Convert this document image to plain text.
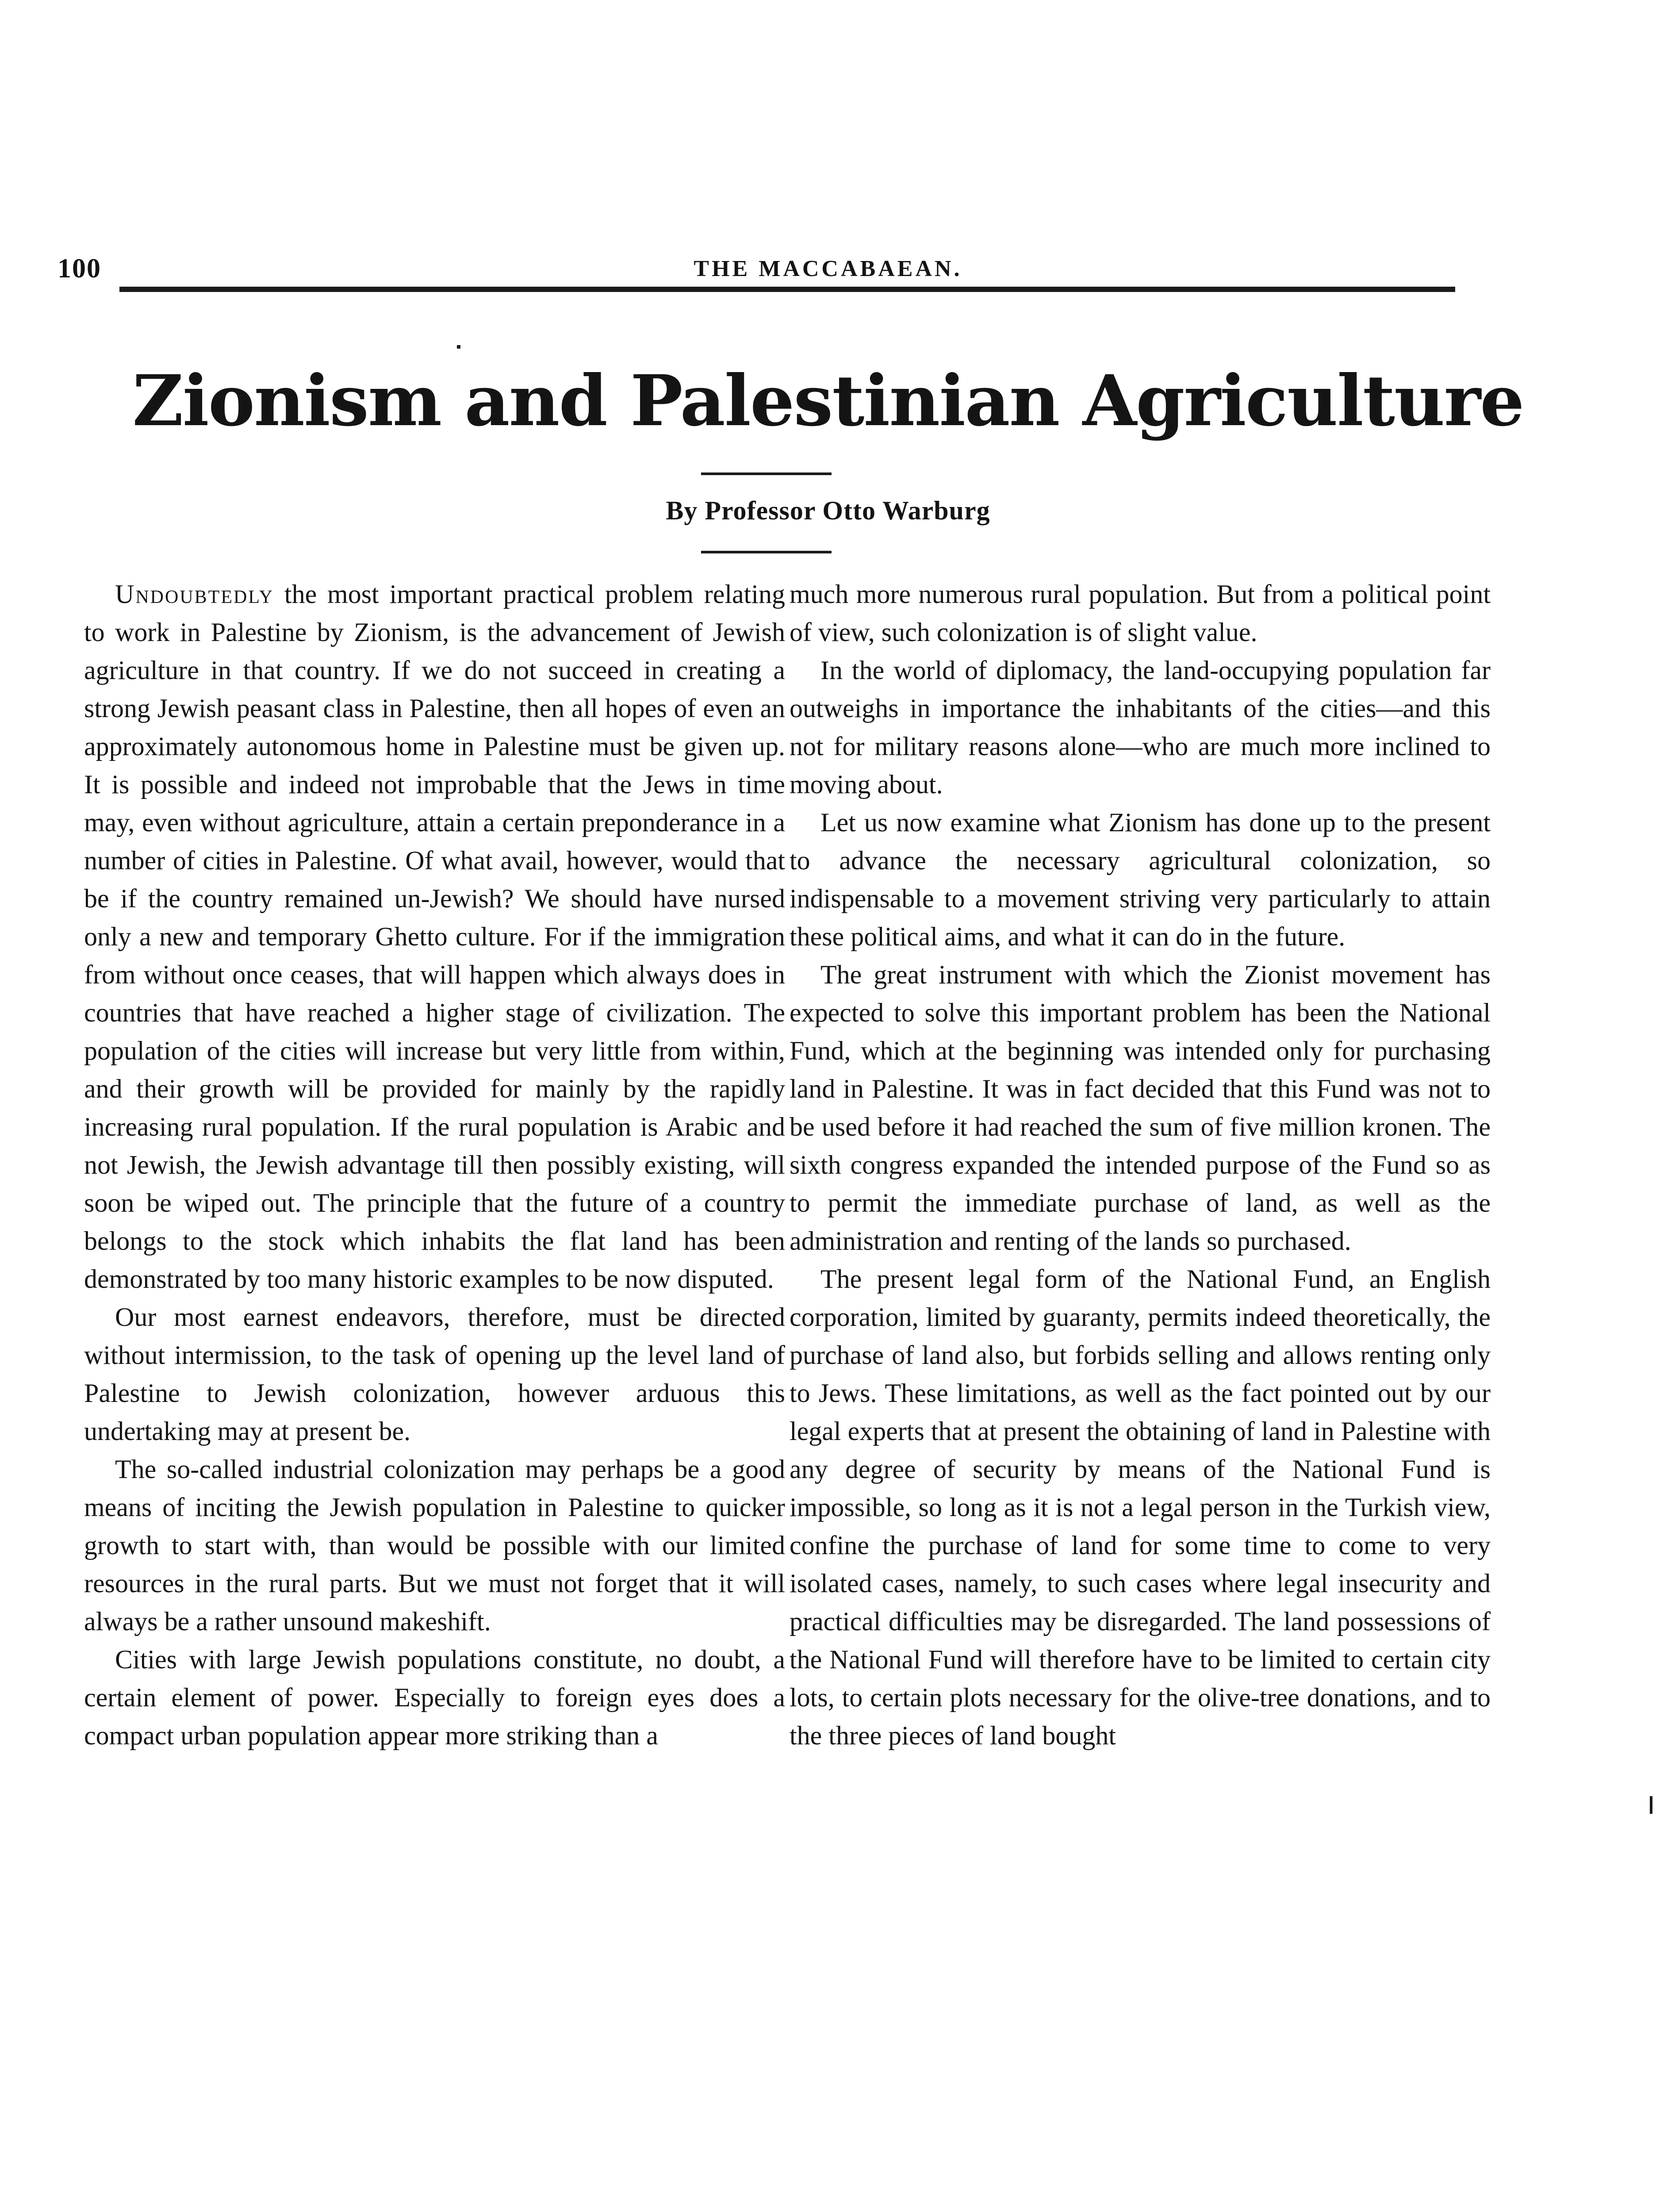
100	THE MACCABAEAN.
Zionism and Palestinian Agriculture
By Professor Otto Warburg

Undoubtedly the most important practical problem relating to work in Palestine by Zionism, is the advancement of Jewish agriculture in that country. If we do not succeed in creating a strong Jewish peasant class in Palestine, then all hopes of even an approximately autonomous home in Palestine must be given up. It is possible and indeed not improbable that the Jews in time may, even without agriculture, attain a certain preponderance in a number of cities in Palestine. Of what avail, however, would that be if the country remained un-Jewish? We should have nursed only a new and temporary Ghetto culture. For if the immigration from without once ceases, that will happen which always does in countries that have reached a higher stage of civilization. The population of the cities will increase but very little from within, and their growth will be provided for mainly by the rapidly increasing rural population. If the rural population is Arabic and not Jewish, the Jewish advantage till then possibly existing, will soon be wiped out. The principle that the future of a country belongs to the stock which inhabits the flat land has been demonstrated by too many historic examples to be now disputed.

Our most earnest endeavors, therefore, must be directed without intermission, to the task of opening up the level land of Palestine to Jewish colonization, however arduous this undertaking may at present be.

The so-called industrial colonization may perhaps be a good means of inciting the Jewish population in Palestine to quicker growth to start with, than would be possible with our limited resources in the rural parts. But we must not forget that it will always be a rather unsound makeshift.

Cities with large Jewish populations constitute, no doubt, a certain element of power. Especially to foreign eyes does a compact urban population appear more striking than a

much more numerous rural population. But from a political point of view, such colonization is of slight value.

In the world of diplomacy, the land-occupying population far outweighs in importance the inhabitants of the cities—and this not for military reasons alone—who are much more inclined to moving about.

Let us now examine what Zionism has done up to the present to advance the necessary agricultural colonization, so indispensable to a movement striving very particularly to attain these political aims, and what it can do in the future.

The great instrument with which the Zionist movement has expected to solve this important problem has been the National Fund, which at the beginning was intended only for purchasing land in Palestine. It was in fact decided that this Fund was not to be used before it had reached the sum of five million kronen. The sixth congress expanded the intended purpose of the Fund so as to permit the immediate purchase of land, as well as the administration and renting of the lands so purchased.

The present legal form of the National Fund, an English corporation, limited by guaranty, permits indeed theoretically, the purchase of land also, but forbids selling and allows renting only to Jews. These limitations, as well as the fact pointed out by our legal experts that at present the obtaining of land in Palestine with any degree of security by means of the National Fund is impossible, so long as it is not a legal person in the Turkish view, confine the purchase of land for some time to come to very isolated cases, namely, to such cases where legal insecurity and practical difficulties may be disregarded. The land possessions of the National Fund will therefore have to be limited to certain city lots, to certain plots necessary for the olive-tree donations, and to the three pieces of land bought
